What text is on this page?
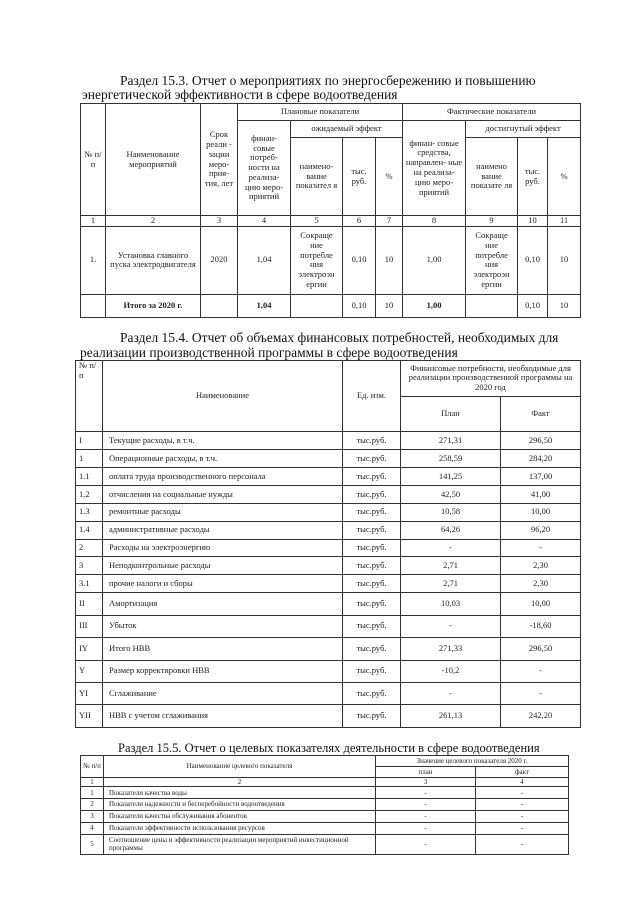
Раздел 15.3. Отчет о мероприятиях по энергосбережению и повышению
энергетической эффективности в сфере водоотведения
№ п/ п	Наименование мероприятий	Срок реали - зации меро- прия- тия, лет	Плановые показатели				Фактические показатели			
			финан- совые потреб- ности на реализа- цию меро- приятий	ожидаемый эффект			финан- совые средства, направлен- ные на реализа- цию меро- приятий	достигнутый эффект		
				наимено- вание показател я	тыс. руб.	%		наимено вание показате ля	тыс. руб.	%
1	2	3	4	5	6	7	8	9	10	11
1.	Установка главного пуска электродвигателя	2020	1,04	Сокраще ние потребле ния электроэн ергии	0,10	10	1,00	Сокраще ние потребле ния электроэн ергии	0,10	10
	Итого за 2020 г.		1,04		0,10	10	1,00		0,10	10
Раздел 15.4. Отчет об объемах финансовых потребностей, необходимых для
реализации производственной программы в сфере водоотведения
№ п/п	Наименование	Ед. изм.	Финансовые потребности, необходимые для реализации производственной программы на 2020 год	
			План	Факт
I	Текущие расходы, в т.ч.	тыс.руб.	271,31	296,50
1	Операционные расходы, в т.ч.	тыс.руб.	258,59	284,20
1.1	оплата труда производственного персонала	тыс.руб.	141,25	137,00
1.2	отчисления на социальные нужды	тыс.руб.	42,50	41,00
1.3	ремонтные расходы	тыс.руб.	10,58	10,00
1.4	административные расходы	тыс.руб.	64,26	96,20
2	Расходы на электроэнергию	тыс.руб.	-	-
3	Неподконтрольные расходы	тыс.руб.	2,71	2,30
3.1	прочие налоги и сборы	тыс.руб.	2,71	2,30
II	Амортизация	тыс.руб.	10,03	10,00
III	Убыток	тыс.руб.	-	-18,60
IY	Итого НВВ	тыс.руб.	271,33	296,50
Y	Размер корректировки НВВ	тыс.руб.	-10,2	-
YI	Сглаживание	тыс.руб.	-	-
YII	НВВ с учетом сглаживания	тыс.руб.	261,13	242,20
Раздел 15.5. Отчет о целевых показателях деятельности в сфере водоотведения
№ п/п	Наименование целевого показателя	Значение целевого показателя 2020 г.	
		план	факт
1	2	3	4
1	Показатели качества воды	-	-
2	Показатели надежности и бесперебойности водоотведения	-	-
3	Показатели качества обслуживания абонентов	-	-
4	Показатели эффективности использования ресурсов	-	-
5	Соотношение цены и эффективности реализации мероприятий инвестиционной программы	-	-
